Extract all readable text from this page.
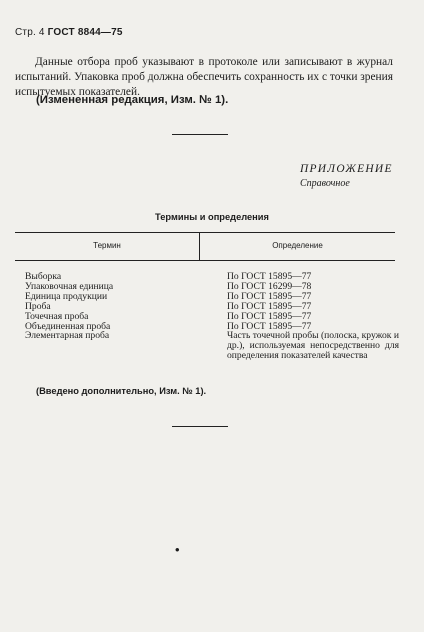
Стр. 4 ГОСТ 8844—75
Данные отбора проб указывают в протоколе или записывают в журнал испытаний. Упаковка проб должна обеспечить сохранность их с точки зрения испытуемых показателей.
(Измененная редакция, Изм. № 1).
ПРИЛОЖЕНИЕ
Справочное
Термины и определения
Термин	Определение
Выборка
Упаковочная единица
Единица продукции
Проба
Точечная проба
Объединенная проба
Элементарная проба
По ГОСТ 15895—77
По ГОСТ 16299—78
По ГОСТ 15895—77
По ГОСТ 15895—77
По ГОСТ 15895—77
По ГОСТ 15895—77
Часть точечной пробы (полоска, кружок и др.), используемая непосредственно для определения показателей качества
(Введено дополнительно, Изм. № 1).
•
